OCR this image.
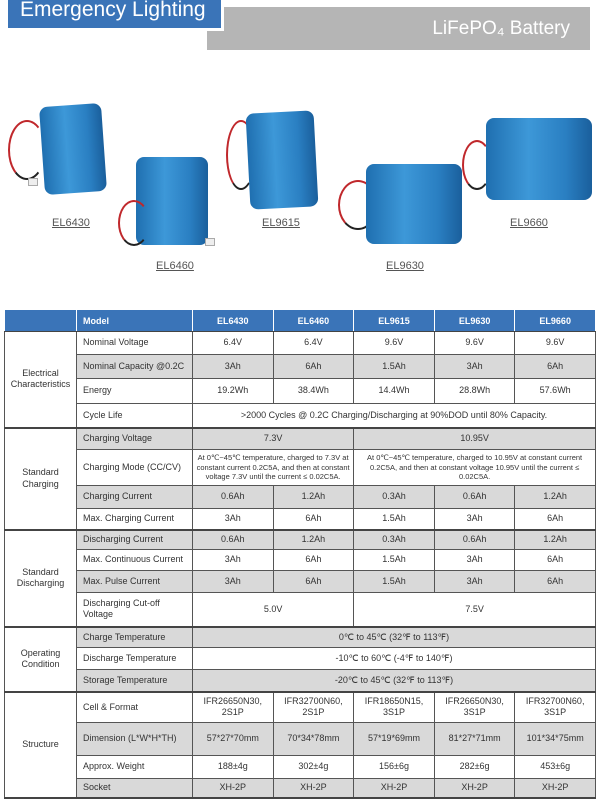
LiFePO₄ Battery
Emergency Lighting
EL6430
EL6460
EL9615
EL9630
EL9660
	Model	EL6430	EL6460	EL9615	EL9630	EL9660
Electrical Characteristics	Nominal Voltage	6.4V	6.4V	9.6V	9.6V	9.6V
	Nominal Capacity @0.2C	3Ah	6Ah	1.5Ah	3Ah	6Ah
	Energy	19.2Wh	38.4Wh	14.4Wh	28.8Wh	57.6Wh
	Cycle Life	>2000 Cycles @ 0.2C Charging/Discharging at 90%DOD until 80% Capacity.				
Standard Charging	Charging Voltage	7.3V		10.95V		
	Charging Mode (CC/CV)	At 0℃~45℃ temperature, charged to 7.3V at constant current 0.2C5A, and then at constant voltage 7.3V until the current ≤ 0.02C5A.		At 0℃~45℃ temperature, charged to 10.95V at constant current 0.2C5A, and then at constant voltage 10.95V until the current ≤ 0.02C5A.		
	Charging Current	0.6Ah	1.2Ah	0.3Ah	0.6Ah	1.2Ah
	Max. Charging Current	3Ah	6Ah	1.5Ah	3Ah	6Ah
Standard Discharging	Discharging Current	0.6Ah	1.2Ah	0.3Ah	0.6Ah	1.2Ah
	Max. Continuous Current	3Ah	6Ah	1.5Ah	3Ah	6Ah
	Max. Pulse Current	3Ah	6Ah	1.5Ah	3Ah	6Ah
	Discharging Cut-off Voltage	5.0V		7.5V		
Operating Condition	Charge Temperature	0℃ to 45℃ (32℉ to 113℉)				
	Discharge Temperature	-10℃ to 60℃ (-4℉ to 140℉)				
	Storage Temperature	-20℃ to 45℃ (32℉ to 113℉)				
Structure	Cell & Format	IFR26650N30, 2S1P	IFR32700N60, 2S1P	IFR18650N15, 3S1P	IFR26650N30, 3S1P	IFR32700N60, 3S1P
	Dimension (L*W*H*TH)	57*27*70mm	70*34*78mm	57*19*69mm	81*27*71mm	101*34*75mm
	Approx. Weight	188±4g	302±4g	156±6g	282±6g	453±6g
	Socket	XH-2P	XH-2P	XH-2P	XH-2P	XH-2P
